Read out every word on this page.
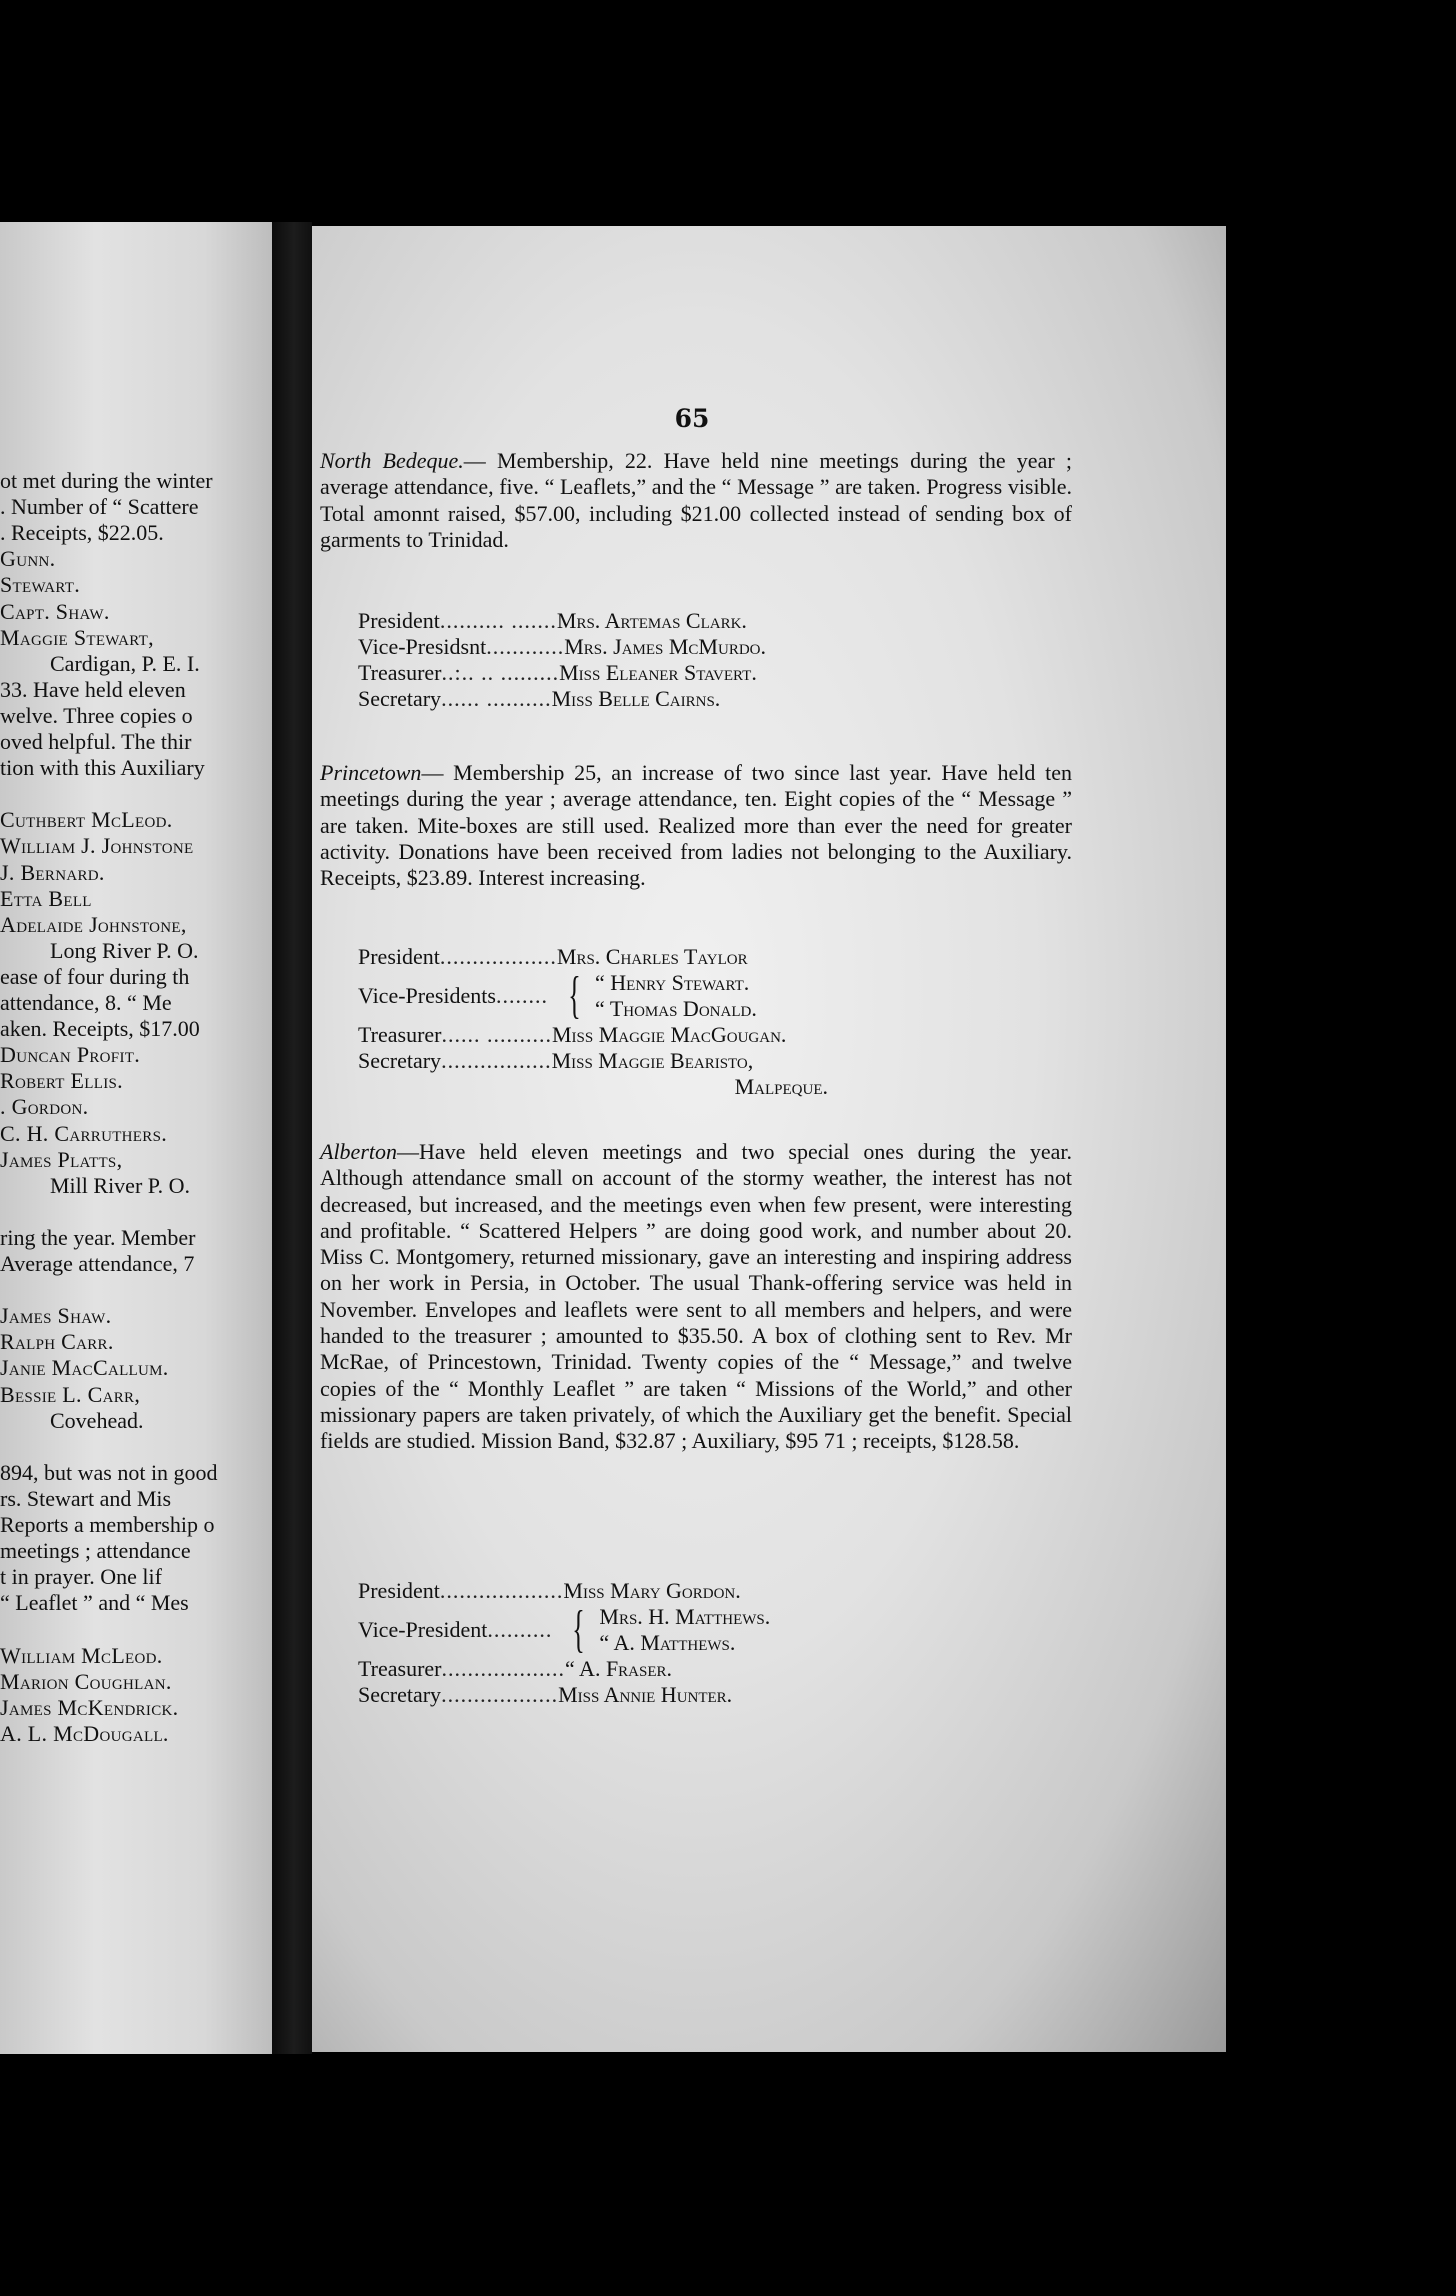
ot met during the winter
. Number of “ Scattere
. Receipts, $22.05.
Gunn.
Stewart.
Capt. Shaw.
Maggie Stewart,
Cardigan, P. E. I.
33. Have held eleven
welve. Three copies o
oved helpful. The thir
tion with this Auxiliary
Cuthbert McLeod.
William J. Johnstone
J. Bernard.
Etta Bell
Adelaide Johnstone,
Long River P. O.
ease of four during th
attendance, 8. “ Me
aken. Receipts, $17.00
Duncan Profit.
Robert Ellis.
. Gordon.
C. H. Carruthers.
James Platts,
Mill River P. O.
ring the year. Member
Average attendance, 7
James Shaw.
Ralph Carr.
Janie MacCallum.
Bessie L. Carr,
Covehead.
894, but was not in good
rs. Stewart and Mis
Reports a membership o
meetings ; attendance
t in prayer. One lif
“ Leaflet ” and “ Mes
William McLeod.
Marion Coughlan.
James McKendrick.
A. L. McDougall.
65
North Bedeque.— Membership, 22. Have held nine meetings during the year ; average attendance, five. “ Leaflets,” and the “ Message ” are taken. Progress visible. Total amonnt raised, $57.00, including $21.00 collected instead of sending box of garments to Trinidad.
President .......... ....... Mrs. Artemas Clark.
Vice-Presidsnt ............ Mrs. James McMurdo.
Treasurer ..:.. .. ......... Miss Eleaner Stavert.
Secretary ...... .......... Miss Belle Cairns.
Princetown— Membership 25, an increase of two since last year. Have held ten meetings during the year ; average attendance, ten. Eight copies of the “ Message ” are taken. Mite-boxes are still used. Realized more than ever the need for greater activity. Donations have been received from ladies not belonging to the Auxiliary. Receipts, $23.89. Interest increasing.
President .................. Mrs. Charles Taylor
Vice-Presidents ........ { “ Henry Stewart.
“ Thomas Donald.
Treasurer ...... .......... Miss Maggie MacGougan.
Secretary ................. Miss Maggie Bearisto,
Malpeque.
Alberton—Have held eleven meetings and two special ones during the year. Although attendance small on account of the stormy weather, the interest has not decreased, but increased, and the meetings even when few present, were interesting and profitable. “ Scattered Helpers ” are doing good work, and number about 20. Miss C. Montgomery, returned missionary, gave an interesting and inspiring address on her work in Persia, in October. The usual Thank-offering service was held in November. Envelopes and leaflets were sent to all members and helpers, and were handed to the treasurer ; amounted to $35.50. A box of clothing sent to Rev. Mr McRae, of Princestown, Trinidad. Twenty copies of the “ Message,” and twelve copies of the “ Monthly Leaflet ” are taken “ Missions of the World,” and other missionary papers are taken privately, of which the Auxiliary get the benefit. Special fields are studied. Mission Band, $32.87 ; Auxiliary, $95 71 ; receipts, $128.58.
President ................... Miss Mary Gordon.
Vice-President .......... { Mrs. H. Matthews.
“ A. Matthews.
Treasurer ................... “ A. Fraser.
Secretary .................. Miss Annie Hunter.
